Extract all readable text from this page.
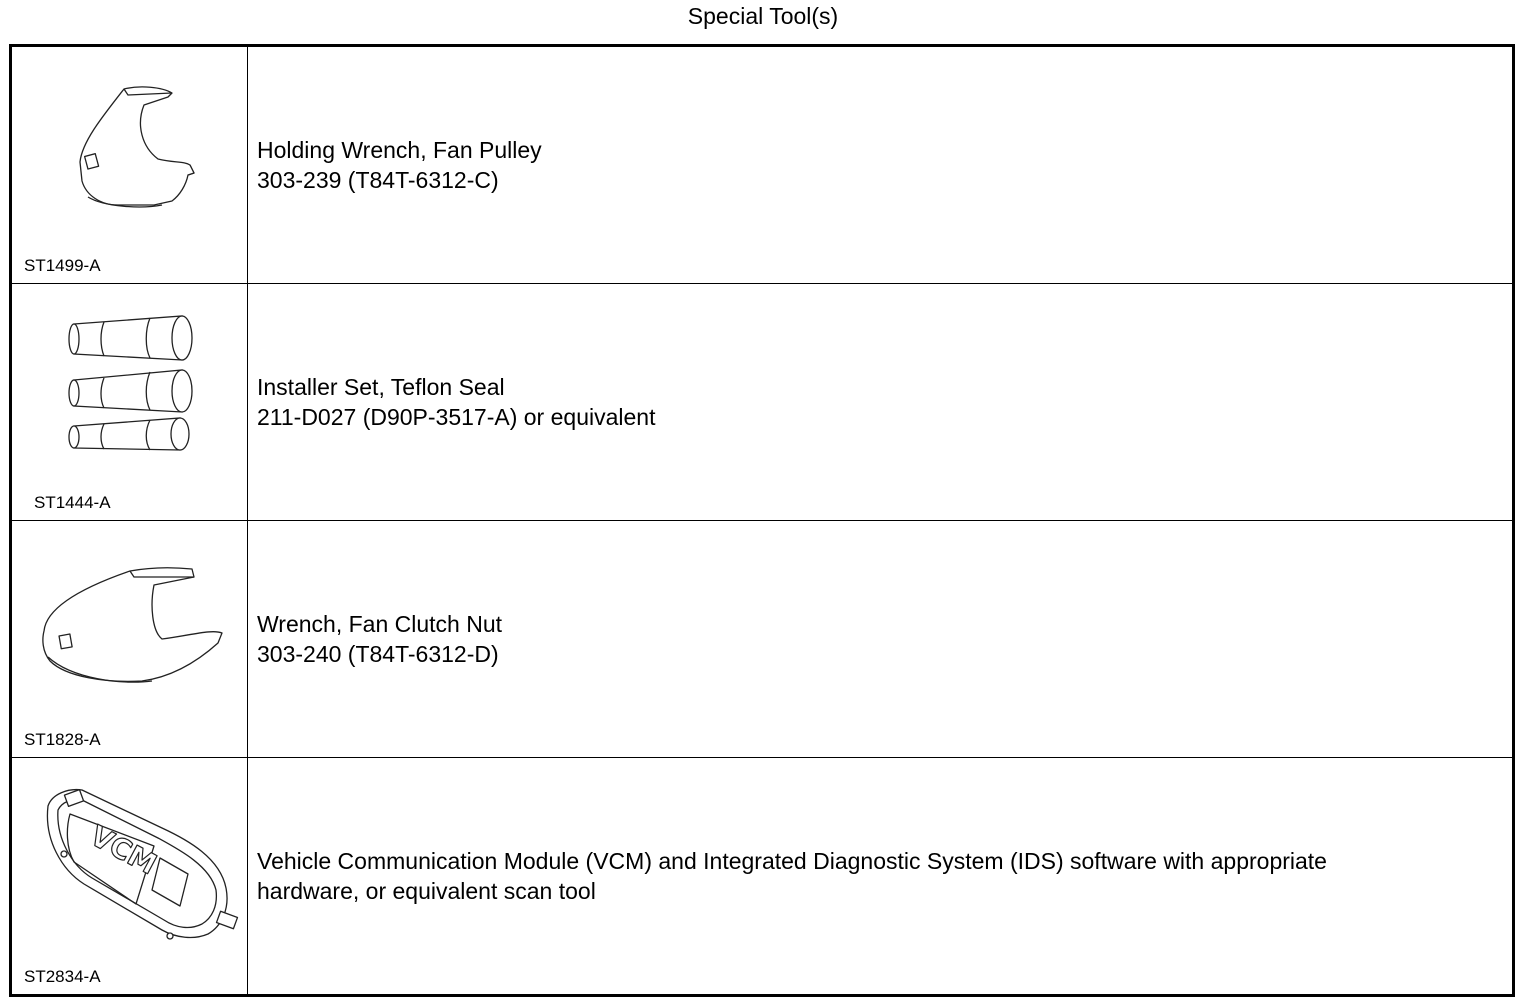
Special Tool(s)
ST1499-A
Holding Wrench, Fan Pulley
303-239 (T84T-6312-C)
ST1444-A
Installer Set, Teflon Seal
211-D027 (D90P-3517-A) or equivalent
ST1828-A
Wrench, Fan Clutch Nut
303-240 (T84T-6312-D)
VCM
ST2834-A
Vehicle Communication Module (VCM) and Integrated Diagnostic System (IDS) software with appropriate
hardware, or equivalent scan tool
